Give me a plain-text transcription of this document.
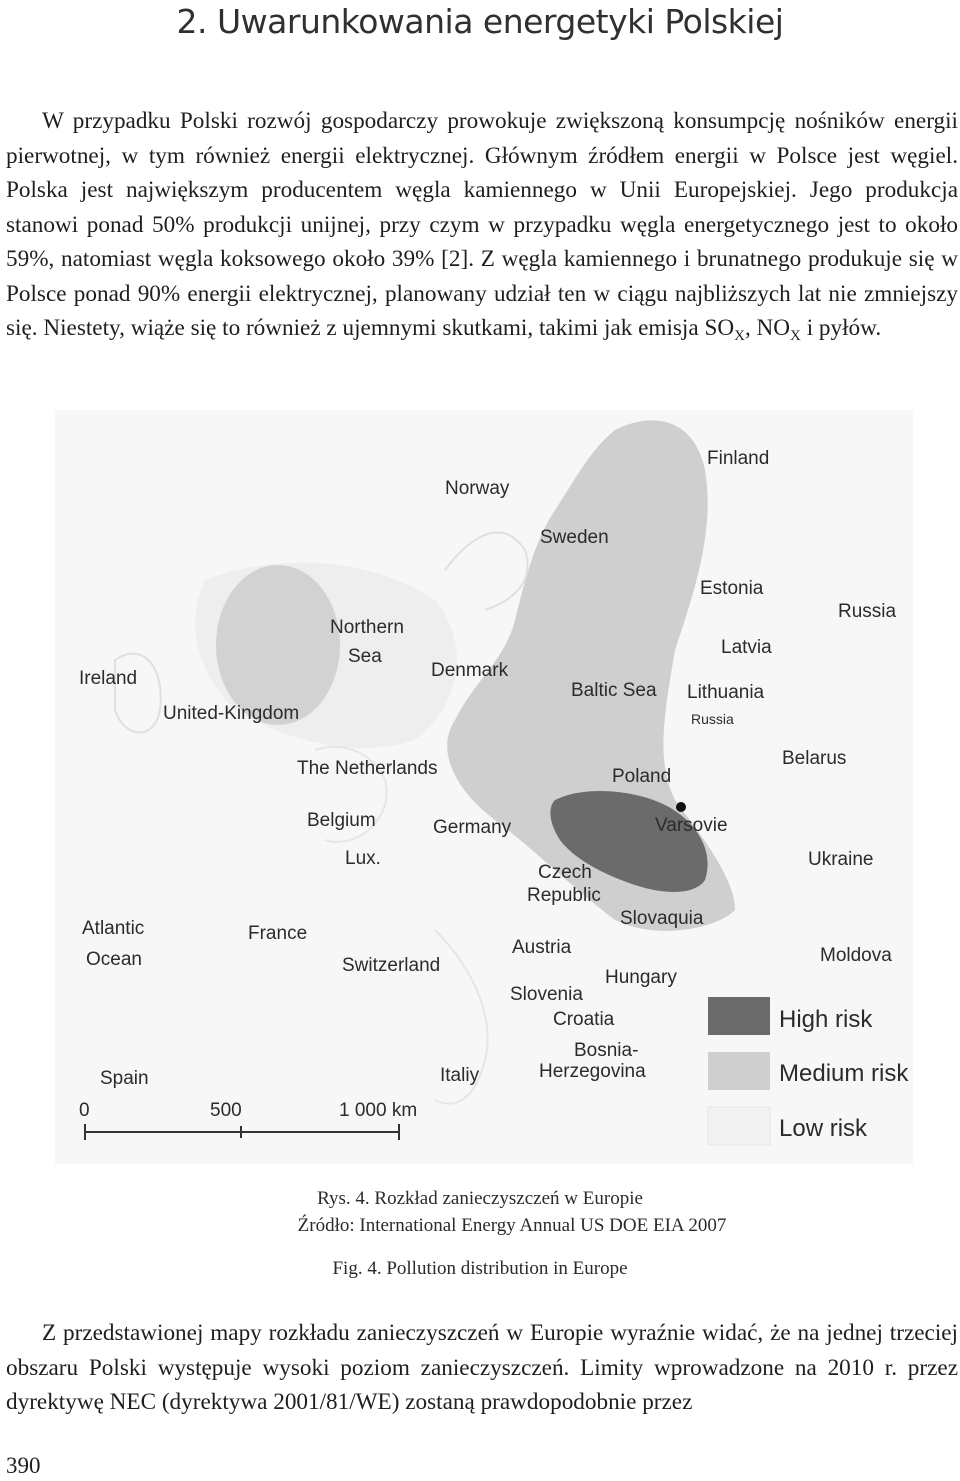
2. Uwarunkowania energetyki Polskiej

W przypadku Polski rozwój gospodarczy prowokuje zwiększoną konsumpcję nośników energii pierwotnej, w tym również energii elektrycznej. Głównym źródłem energii w Polsce jest węgiel. Polska jest największym producentem węgla kamiennego w Unii Europejskiej. Jego produkcja stanowi ponad 50% produkcji unijnej, przy czym w przypadku węgla energetycznego jest to około 59%, natomiast węgla koksowego około 39% [2]. Z węgla kamiennego i brunatnego produkuje się w Polsce ponad 90% energii elektrycznej, planowany udział ten w ciągu najbliższych lat nie zmniejszy się. Niestety, wiąże się to również z ujemnymi skutkami, takimi jak emisja $SO_X$, $NO_X$ i pyłów.

Finland
Norway
Sweden
Estonia
Russia
Northern
Sea	Latvia
Ireland	Denmark
Baltic Sea Lithuania
Russia
United-Kingdom
Belarus
The Netherlands	Poland
Belgium	Germany	Varsovie
Lux.	Ukraine
Czech
Republic
Atlantic
Ocean
France
Slovaquia
Austria	Moldova
Switzerland
Hungary
Slovenia
Croatia
Bosnia-
Herzegovina
Spain	Italiy
0	500	1 000 km
High risk
Medium risk
Low risk
Rys. 4. Rozkład zanieczyszczeń w Europie
Źródło: International Energy Annual US DOE EIA 2007
Fig. 4. Pollution distribution in Europe

Z przedstawionej mapy rozkładu zanieczyszczeń w Europie wyraźnie widać, że na jednej trzeciej obszaru Polski występuje wysoki poziom zanieczyszczeń. Limity wprowadzone na 2010 r. przez dyrektywę NEC (dyrektywa 2001/81/WE) zostaną prawdopodobnie przez

390
